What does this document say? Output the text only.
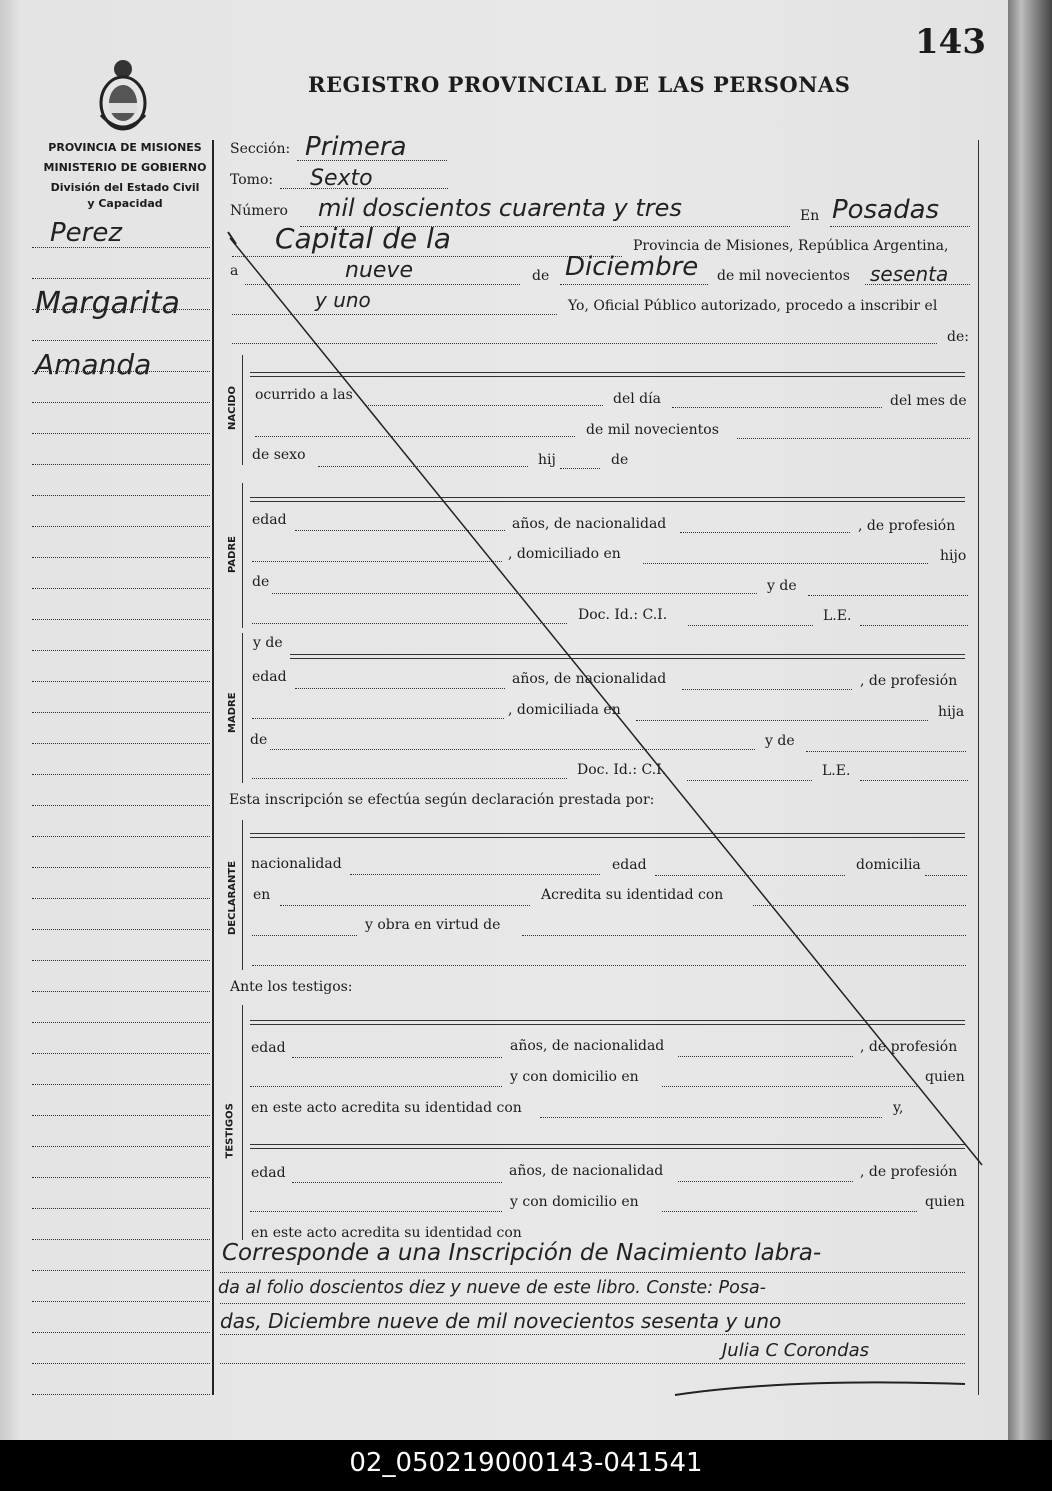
143
REGISTRO PROVINCIAL DE LAS PERSONAS
PROVINCIA DE MISIONES
MINISTERIO DE GOBIERNO
División del Estado Civil
y Capacidad
Perez
Margarita
Amanda
Sección: Primera
Tomo: Sexto
Número mil doscientos cuarenta y tres	En Posadas
Capital de la	Provincia de Misiones, República Argentina,
a	nueve	de Diciembre de mil novecientos sesenta
y uno	Yo, Oficial Público autorizado, procedo a inscribir el
de:
NACIDO ocurrido a las	del día	del mes de
de mil novecientos
de sexo	hij	de
PADRE
edad	años, de nacionalidad	, de profesión
, domiciliado en	hijo
de	y de
Doc. Id.: C.I.	L.E.
MADRE
y de
edad	años, de nacionalidad	, de profesión
, domiciliada en	hija
de	y de
Doc. Id.: C.I.	L.E.
Esta inscripción se efectúa según declaración prestada por:
DECLARANTE nacionalidad	edad	domicilia
en	Acredita su identidad con
y obra en virtud de
Ante los testigos:
TESTIGOS
edad	años, de nacionalidad	, de profesión
y con domicilio en	quien
en este acto acredita su identidad con	y,
edad	años, de nacionalidad	, de profesión
y con domicilio en	quien
en este acto acredita su identidad con
Corresponde a una Inscripción de Nacimiento labra-
da al folio doscientos diez y nueve de este libro. Conste: Posa-
das, Diciembre nueve de mil novecientos sesenta y uno
Julia C Corondas
02_050219000143-041541
